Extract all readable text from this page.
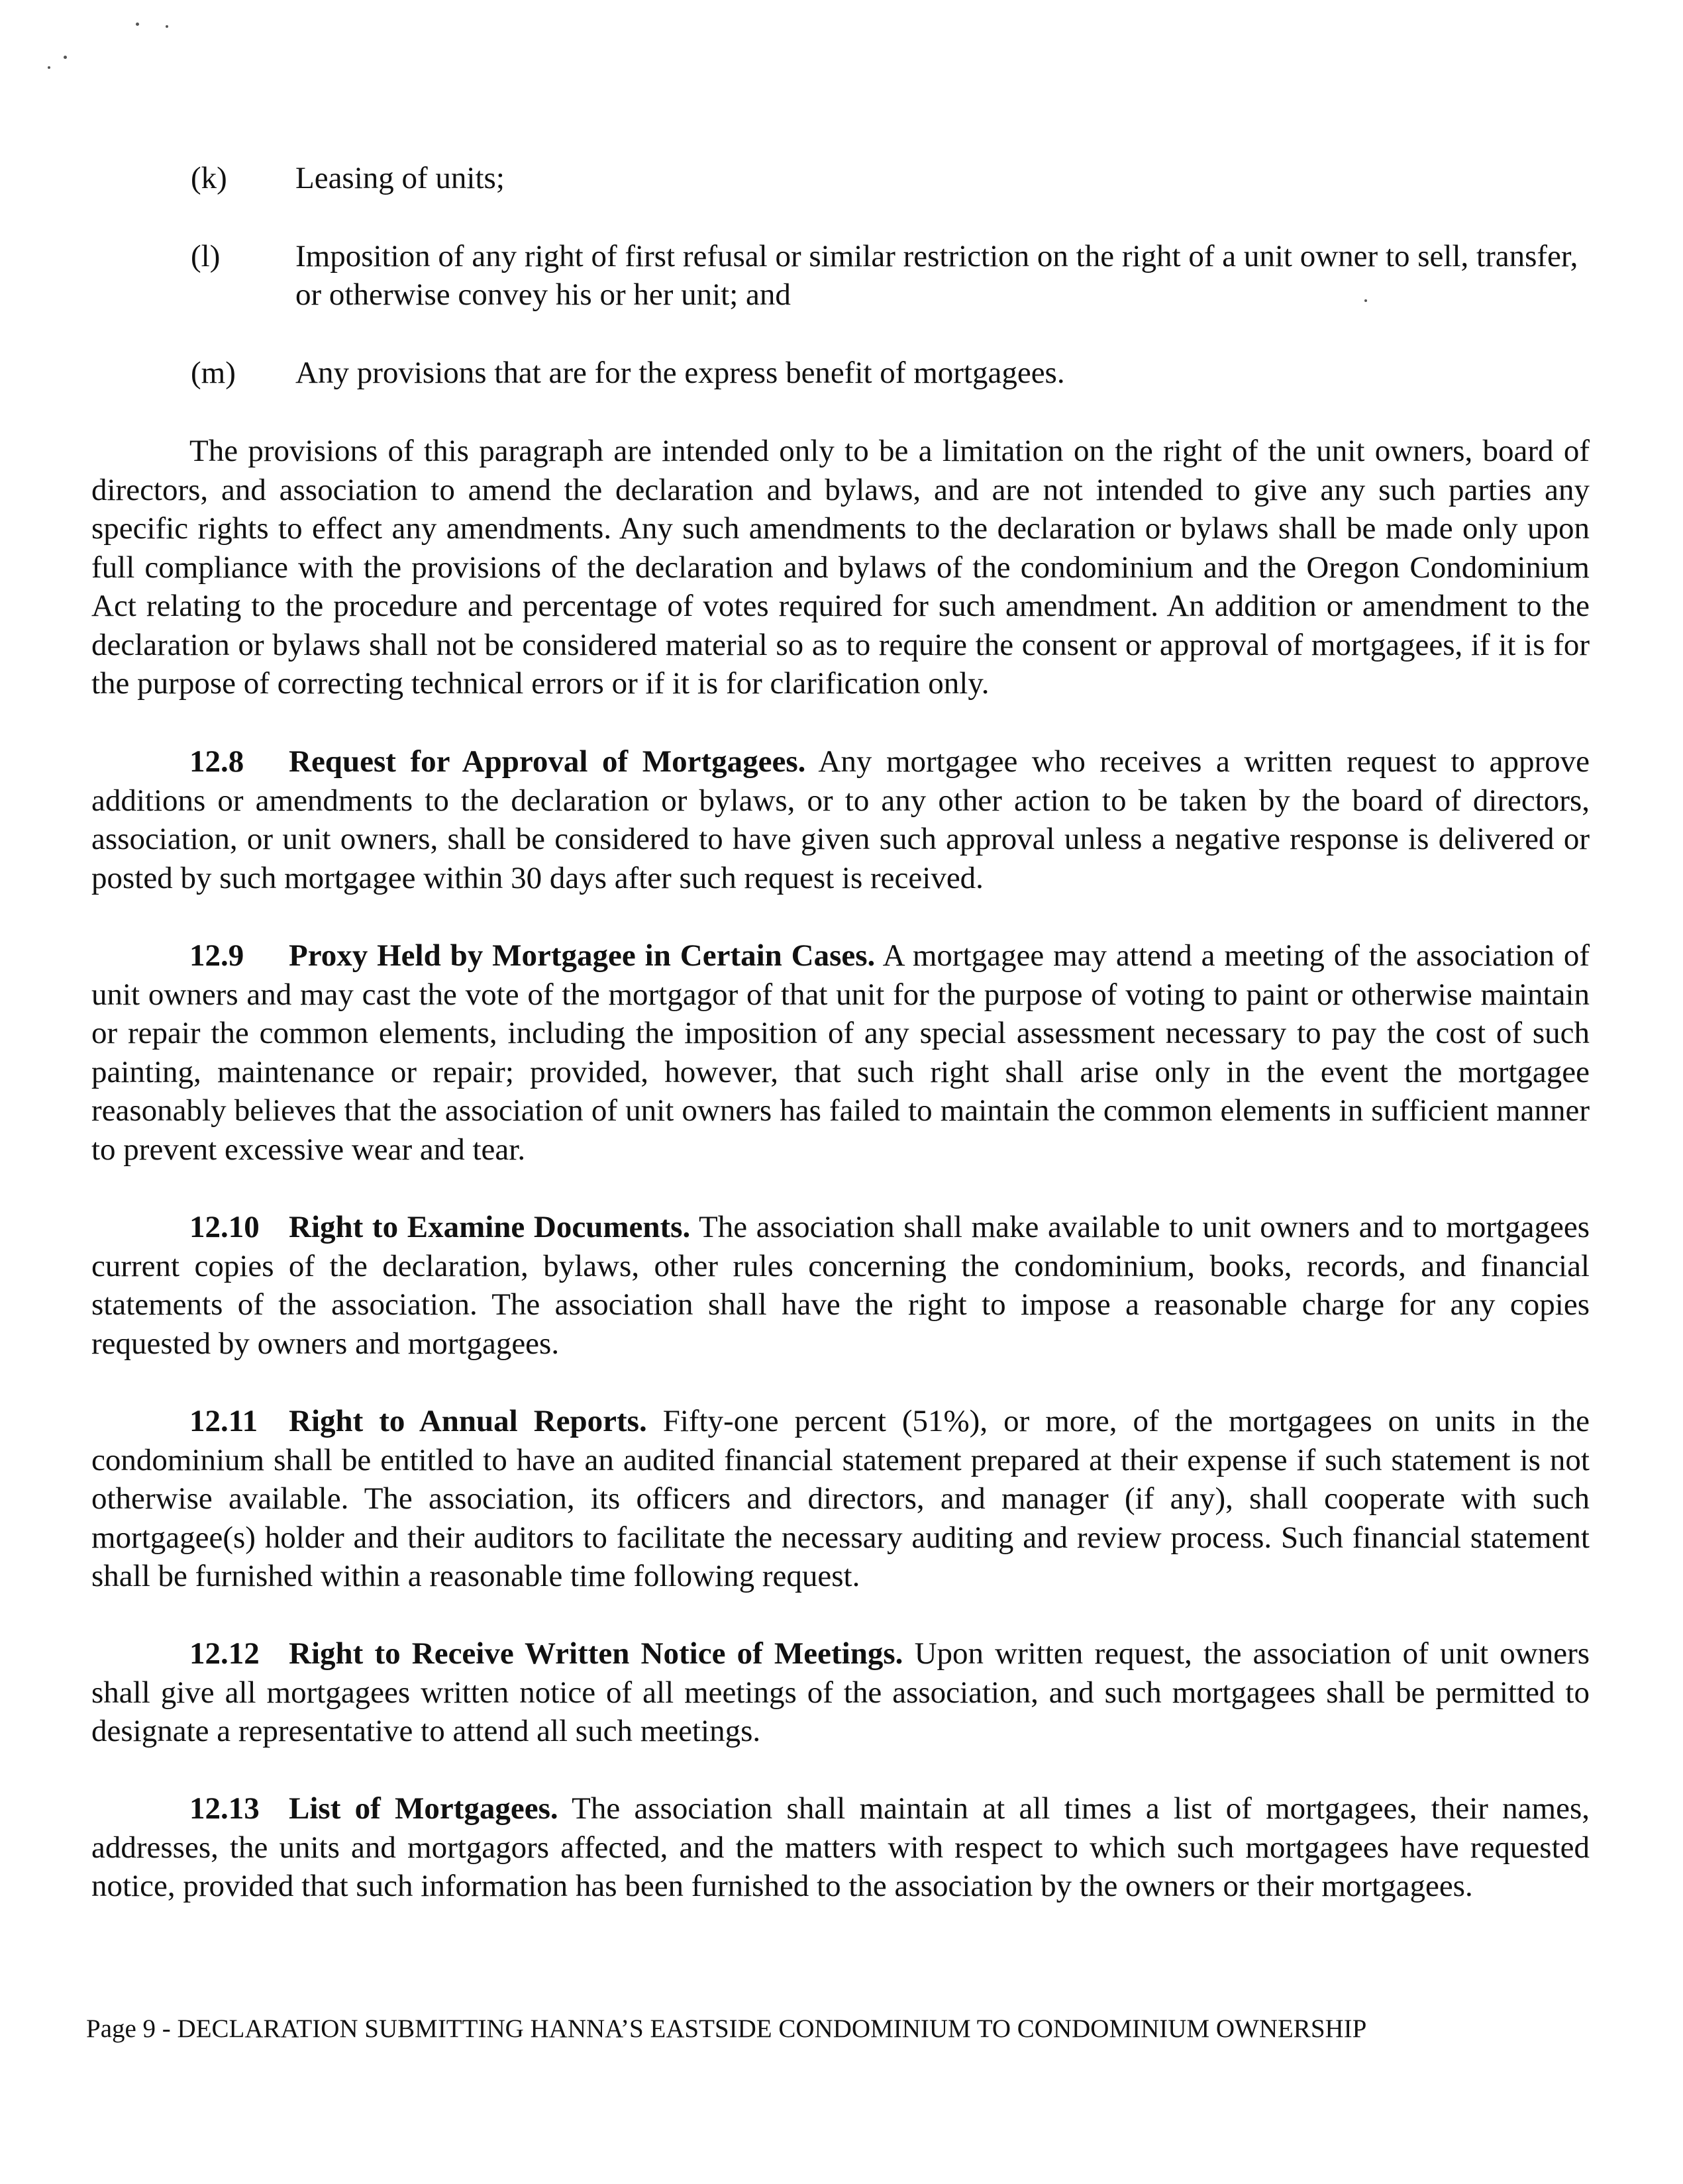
(k)	Leasing of units;
(l)	Imposition of any right of first refusal or similar restriction on the right of a unit owner to sell, transfer, or otherwise convey his or her unit; and
(m)	Any provisions that are for the express benefit of mortgagees.

The provisions of this paragraph are intended only to be a limitation on the right of the unit owners, board of directors, and association to amend the declaration and bylaws, and are not intended to give any such parties any specific rights to effect any amendments. Any such amendments to the declaration or bylaws shall be made only upon full compliance with the provisions of the declaration and bylaws of the condominium and the Oregon Condominium Act relating to the procedure and percentage of votes required for such amendment. An addition or amendment to the declaration or bylaws shall not be considered material so as to require the consent or approval of mortgagees, if it is for the purpose of correcting technical errors or if it is for clarification only.

12.8 Request for Approval of Mortgagees. Any mortgagee who receives a written request to approve additions or amendments to the declaration or bylaws, or to any other action to be taken by the board of directors, association, or unit owners, shall be considered to have given such approval unless a negative response is delivered or posted by such mortgagee within 30 days after such request is received.

12.9 Proxy Held by Mortgagee in Certain Cases. A mortgagee may attend a meeting of the association of unit owners and may cast the vote of the mortgagor of that unit for the purpose of voting to paint or otherwise maintain or repair the common elements, including the imposition of any special assessment necessary to pay the cost of such painting, maintenance or repair; provided, however, that such right shall arise only in the event the mortgagee reasonably believes that the association of unit owners has failed to maintain the common elements in sufficient manner to prevent excessive wear and tear.

12.10 Right to Examine Documents. The association shall make available to unit owners and to mortgagees current copies of the declaration, bylaws, other rules concerning the condominium, books, records, and financial statements of the association. The association shall have the right to impose a reasonable charge for any copies requested by owners and mortgagees.

12.11 Right to Annual Reports. Fifty-one percent (51%), or more, of the mortgagees on units in the condominium shall be entitled to have an audited financial statement prepared at their expense if such statement is not otherwise available. The association, its officers and directors, and manager (if any), shall cooperate with such mortgagee(s) holder and their auditors to facilitate the necessary auditing and review process. Such financial statement shall be furnished within a reasonable time following request.

12.12 Right to Receive Written Notice of Meetings. Upon written request, the association of unit owners shall give all mortgagees written notice of all meetings of the association, and such mortgagees shall be permitted to designate a representative to attend all such meetings.

12.13 List of Mortgagees. The association shall maintain at all times a list of mortgagees, their names, addresses, the units and mortgagors affected, and the matters with respect to which such mortgagees have requested notice, provided that such information has been furnished to the association by the owners or their mortgagees.

Page 9 - DECLARATION SUBMITTING HANNA’S EASTSIDE CONDOMINIUM TO CONDOMINIUM OWNERSHIP
